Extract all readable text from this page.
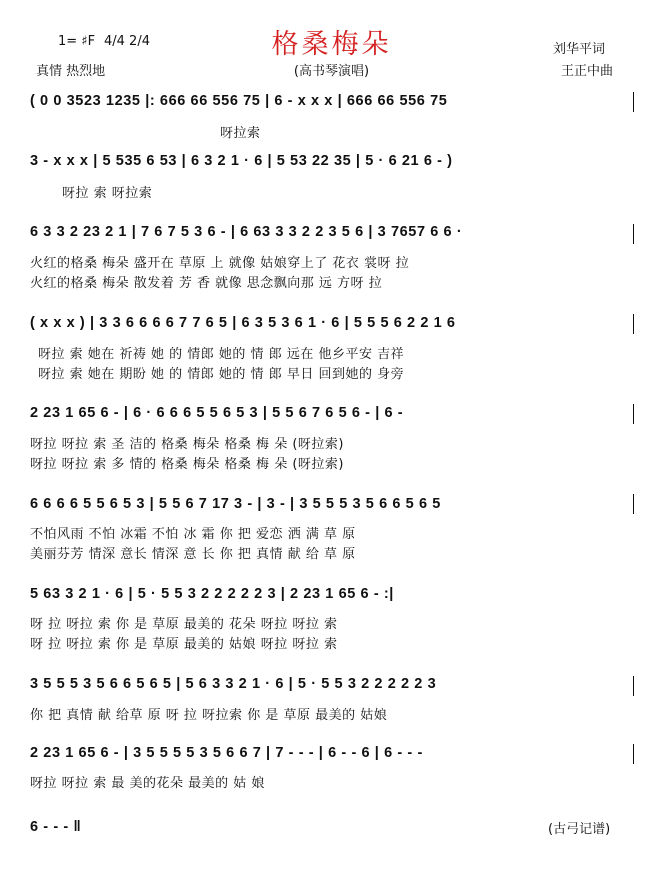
1= ♯F 4/4 2/4
真情 热烈地
格桑梅朵
(高书琴演唱)
刘华平词
王正中曲
( 0 0 3523 1235 |: 666 66 556 75 | 6 - x x x | 666 66 556 75
呀拉索
3 - x x x | 5 535 6 53 | 6 3 2 1 · 6 | 5 53 22 35 | 5 · 6 21 6 - )
呀拉 索 呀拉索
6 3 3 2 23 2 1 | 7 6 7 5 3 6 - | 6 63 3 3 2 2 3 5 6 | 3 7657 6 6 ·
火红的格桑 梅朵 盛开在 草原 上 就像 姑娘穿上了 花衣 裳呀 拉
火红的格桑 梅朵 散发着 芳 香 就像 思念飘向那 远 方呀 拉
( x x x ) | 3 3 6 6 6 6 7 7 6 5 | 6 3 5 3 6 1 · 6 | 5 5 5 6 2 2 1 6
呀拉 索 她在 祈祷 她 的 情郎 她的 情 郎 远在 他乡平安 吉祥
呀拉 索 她在 期盼 她 的 情郎 她的 情 郎 早日 回到她的 身旁
2 23 1 65 6 - | 6 · 6 6 6 5 5 6 5 3 | 5 5 6 7 6 5 6 - | 6 -
呀拉 呀拉 索 圣 洁的 格桑 梅朵 格桑 梅 朵 (呀拉索)
呀拉 呀拉 索 多 情的 格桑 梅朵 格桑 梅 朵 (呀拉索)
6 6 6 6 5 5 6 5 3 | 5 5 6 7 17 3 - | 3 - | 3 5 5 5 3 5 6 6 5 6 5
不怕风雨 不怕 冰霜 不怕 冰 霜 你 把 爱恋 洒 满 草 原
美丽芬芳 情深 意长 情深 意 长 你 把 真情 献 给 草 原
5 63 3 2 1 · 6 | 5 · 5 5 3 2 2 2 2 2 3 | 2 23 1 65 6 - :|
呀 拉 呀拉 索 你 是 草原 最美的 花朵 呀拉 呀拉 索
呀 拉 呀拉 索 你 是 草原 最美的 姑娘 呀拉 呀拉 索
3 5 5 5 3 5 6 6 5 6 5 | 5 6 3 3 2 1 · 6 | 5 · 5 5 3 2 2 2 2 2 3
你 把 真情 献 给草 原 呀 拉 呀拉索 你 是 草原 最美的 姑娘
2 23 1 65 6 - | 3 5 5 5 5 3 5 6 6 7 | 7 - - - | 6 - - 6 | 6 - - -
呀拉 呀拉 索 最 美的花朵 最美的 姑 娘
6 - - - ‖	(古弓记谱)
